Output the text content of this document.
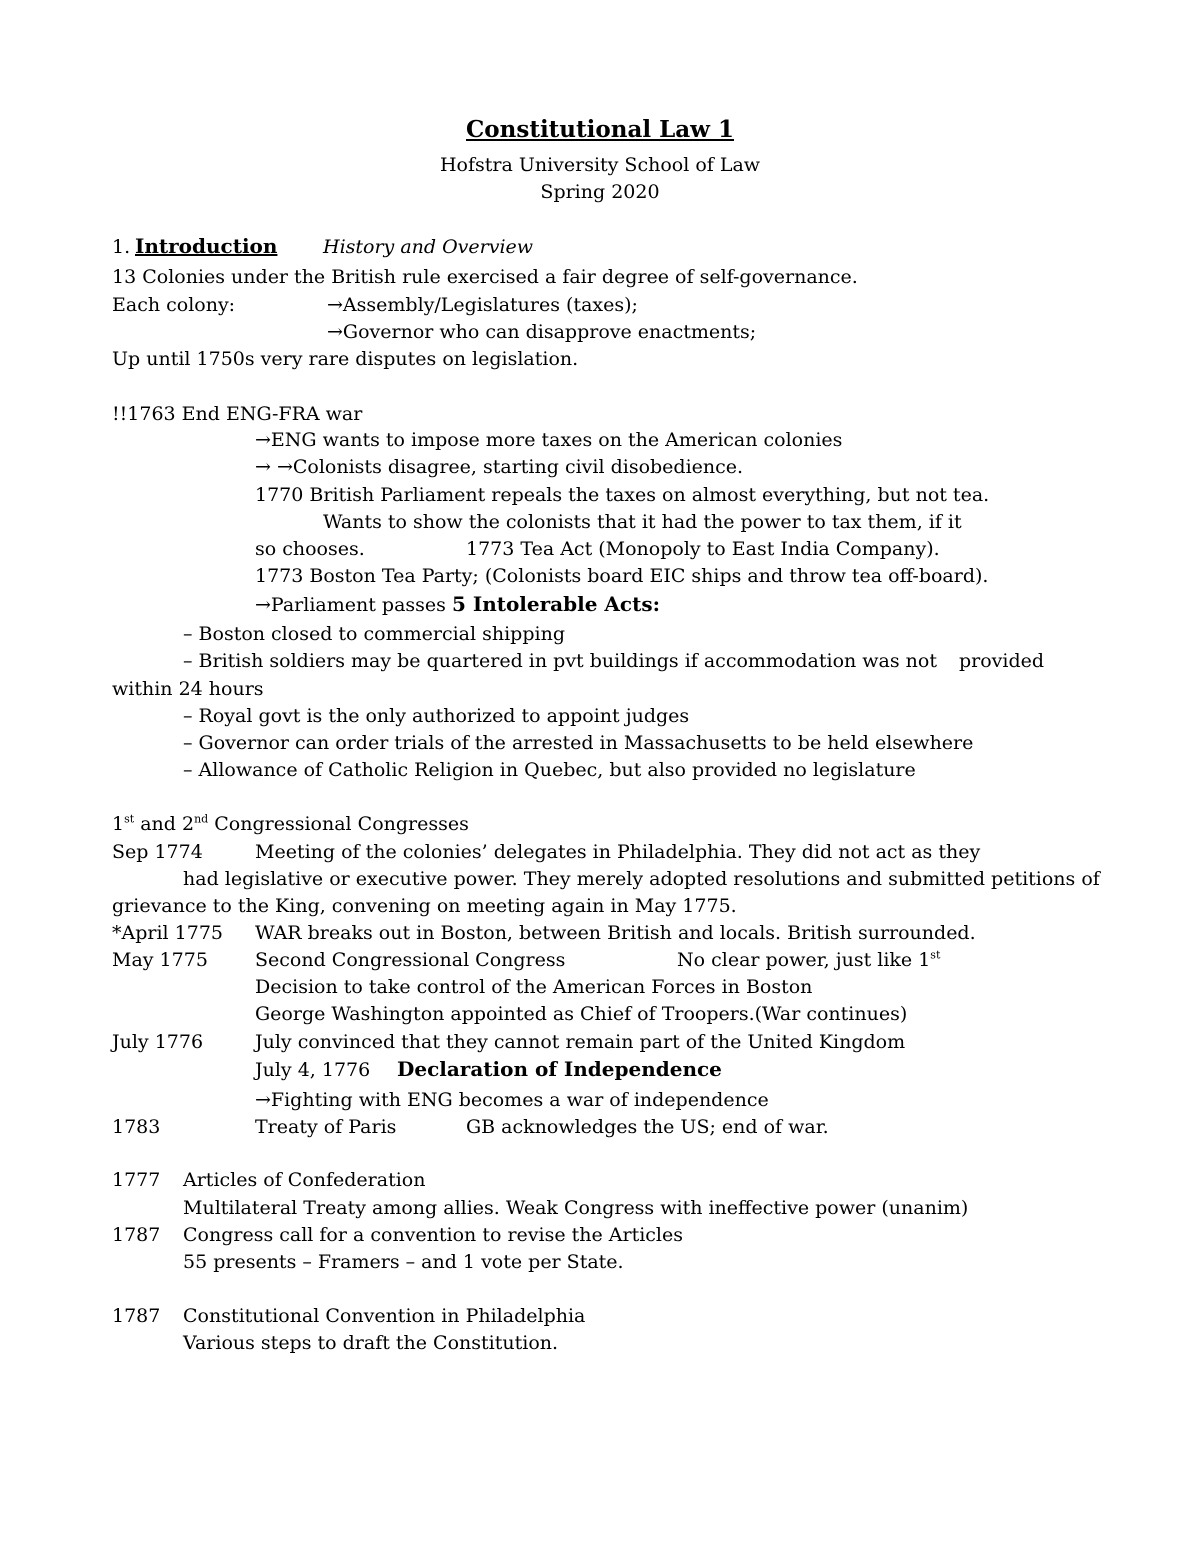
Constitutional Law 1
Hofstra University School of Law
Spring 2020
1. Introduction History and Overview
13 Colonies under the British rule exercised a fair degree of self-governance.
Each colony:	→Assembly/Legislatures (taxes);
→Governor who can disapprove enactments;
Up until 1750s very rare disputes on legislation.
!!1763 End ENG-FRA war
→ENG wants to impose more taxes on the American colonies
→ →Colonists disagree, starting civil disobedience.
1770 British Parliament repeals the taxes on almost everything, but not tea.
Wants to show the colonists that it had the power to tax them, if it
so chooses.	1773 Tea Act (Monopoly to East India Company).
1773 Boston Tea Party; (Colonists board EIC ships and throw tea off-board).
→Parliament passes 5 Intolerable Acts:
– Boston closed to commercial shipping
– British soldiers may be quartered in pvt buildings if accommodation was not provided
within 24 hours
– Royal govt is the only authorized to appoint judges
– Governor can order trials of the arrested in Massachusetts to be held elsewhere
– Allowance of Catholic Religion in Quebec, but also provided no legislature
1st and 2nd Congressional Congresses
Sep 1774	Meeting of the colonies’ delegates in Philadelphia. They did not act as they
had legislative or executive power. They merely adopted resolutions and submitted petitions of
grievance to the King, convening on meeting again in May 1775.
*April 1775 WAR breaks out in Boston, between British and locals. British surrounded.
May 1775 Second Congressional Congress	No clear power, just like 1st
Decision to take control of the American Forces in Boston
George Washington appointed as Chief of Troopers.(War continues)
July 1776	July convinced that they cannot remain part of the United Kingdom
July 4, 1776 Declaration of Independence
→Fighting with ENG becomes a war of independence
1783	Treaty of Paris	GB acknowledges the US; end of war.
1777 Articles of Confederation
Multilateral Treaty among allies. Weak Congress with ineffective power (unanim)
1787 Congress call for a convention to revise the Articles
55 presents – Framers – and 1 vote per State.
1787 Constitutional Convention in Philadelphia
Various steps to draft the Constitution.
